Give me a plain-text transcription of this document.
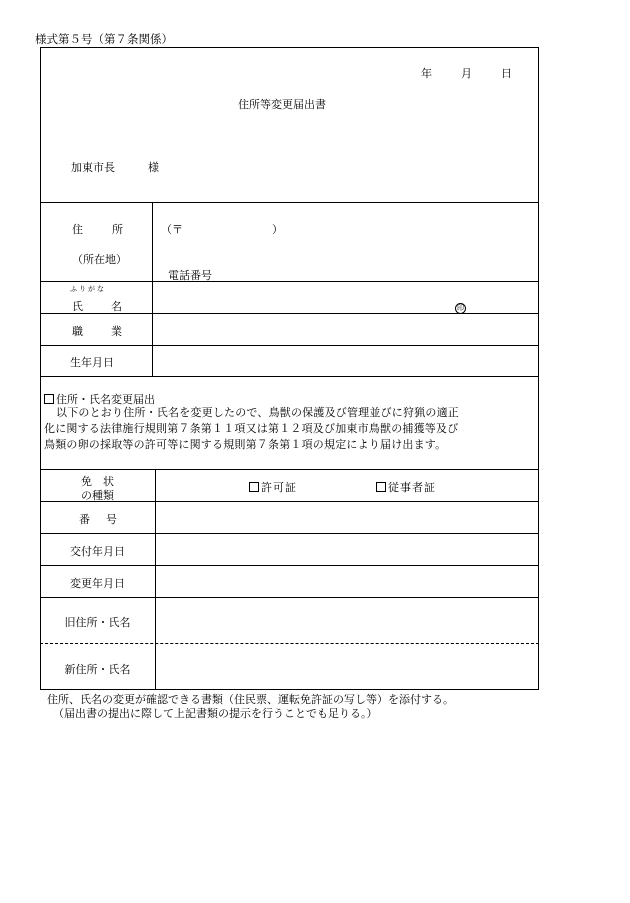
様式第５号（第７条関係）
年	月	日
住所等変更届出書
加東市長	様
住	所
（所在地）
（〒	）
電話番号
ふりがな
氏	名	印
職	業
生年月日
住所・氏名変更届出
以下のとおり住所・氏名を変更したので、鳥獣の保護及び管理並びに狩猟の適正
化に関する法律施行規則第７条第１１項又は第１２項及び加東市鳥獣の捕獲等及び
鳥類の卵の採取等の許可等に関する規則第７条第１項の規定により届け出ます。
免　状
の種類
許可証	従事者証
番 号
交付年月日
変更年月日
旧住所・氏名
新住所・氏名
住所、氏名の変更が確認できる書類（住民票、運転免許証の写し等）を添付する。
（届出書の提出に際して上記書類の提示を行うことでも足りる。）
